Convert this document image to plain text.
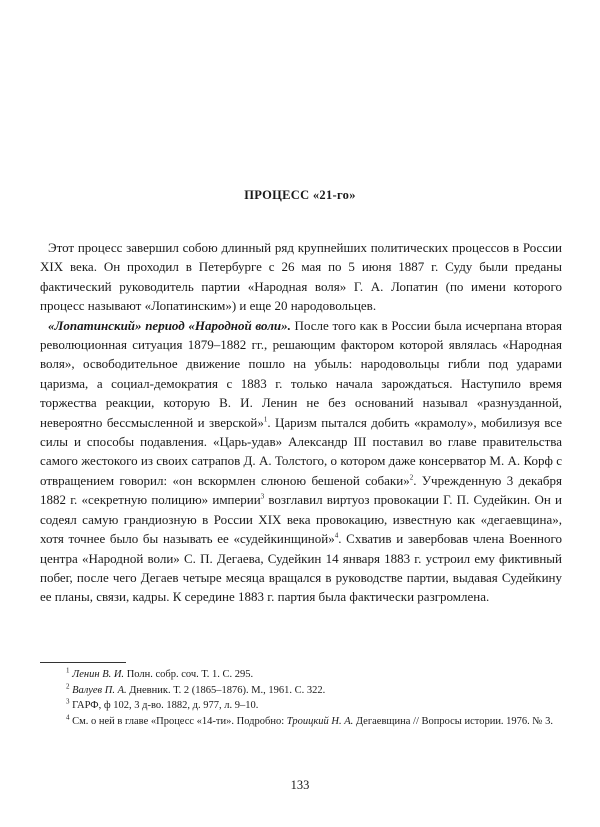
ПРОЦЕСС «21-го»

Этот процесс завершил собою длинный ряд крупнейших политических процессов в России XIX века. Он проходил в Петербурге с 26 мая по 5 июня 1887 г. Суду были преданы фактический руководитель партии «Народная воля» Г. А. Лопатин (по имени которого процесс называют «Лопатинским») и еще 20 народовольцев.

«Лопатинский» период «Народной воли». После того как в России была исчерпана вторая революционная ситуация 1879–1882 гг., решающим фактором которой являлась «Народная воля», освободительное движение пошло на убыль: народовольцы гибли под ударами царизма, а социал-демократия с 1883 г. только начала зарождаться. Наступило время торжества реакции, которую В. И. Ленин не без оснований называл «разнузданной, невероятно бессмысленной и зверской»$^1$. Царизм пытался добить «крамолу», мобилизуя все силы и способы подавления. «Царь-удав» Александр III поставил во главе правительства самого жестокого из своих сатрапов Д. А. Толстого, о котором даже консерватор М. А. Корф с отвращением говорил: «он вскормлен слюною бешеной собаки»$^2$. Учрежденную 3 декабря 1882 г. «секретную полицию» империи$^3$ возглавил виртуоз провокации Г. П. Судейкин. Он и содеял самую грандиозную в России XIX века провокацию, известную как «дегаевщина», хотя точнее было бы называть ее «судейкинщиной»$^4$. Схватив и завербовав члена Военного центра «Народной воли» С. П. Дегаева, Судейкин 14 января 1883 г. устроил ему фиктивный побег, после чего Дегаев четыре месяца вращался в руководстве партии, выдавая Судейкину ее планы, связи, кадры. К середине 1883 г. партия была фактически разгромлена.

$^1$ Ленин В. И. Полн. собр. соч. Т. 1. С. 295.

$^2$ Валуев П. А. Дневник. Т. 2 (1865–1876). М., 1961. С. 322.

$^3$ ГАРФ, ф 102, 3 д-во. 1882, д. 977, л. 9–10.

$^4$ См. о ней в главе «Процесс «14-ти». Подробно: Троицкий Н. А. Дегаевщина // Вопросы истории. 1976. № 3.

133
